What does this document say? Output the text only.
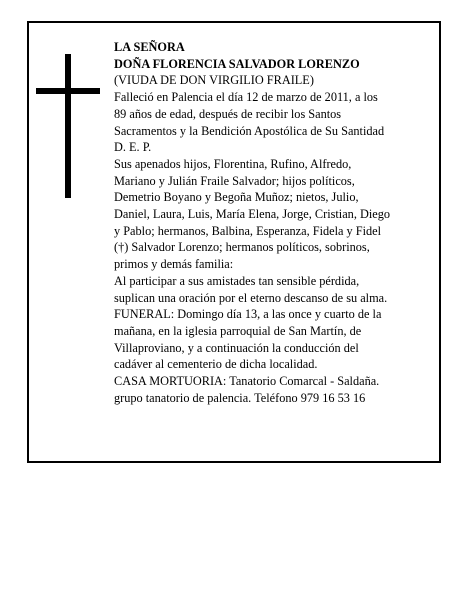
LA SEÑORA
DOÑA FLORENCIA SALVADOR LORENZO
(VIUDA DE DON VIRGILIO FRAILE)
Falleció en Palencia el día 12 de marzo de 2011, a los
89 años de edad, después de recibir los Santos
Sacramentos y la Bendición Apostólica de Su Santidad
D. E. P.
Sus apenados hijos, Florentina, Rufino, Alfredo,
Mariano y Julián Fraile Salvador; hijos políticos,
Demetrio Boyano y Begoña Muñoz; nietos, Julio,
Daniel, Laura, Luis, María Elena, Jorge, Cristian, Diego
y Pablo; hermanos, Balbina, Esperanza, Fidela y Fidel
(†) Salvador Lorenzo; hermanos políticos, sobrinos,
primos y demás familia:
Al participar a sus amistades tan sensible pérdida,
suplican una oración por el eterno descanso de su alma.
FUNERAL: Domingo día 13, a las once y cuarto de la
mañana, en la iglesia parroquial de San Martín, de
Villaproviano, y a continuación la conducción del
cadáver al cementerio de dicha localidad.
CASA MORTUORIA: Tanatorio Comarcal - Saldaña.
grupo tanatorio de palencia. Teléfono 979 16 53 16
